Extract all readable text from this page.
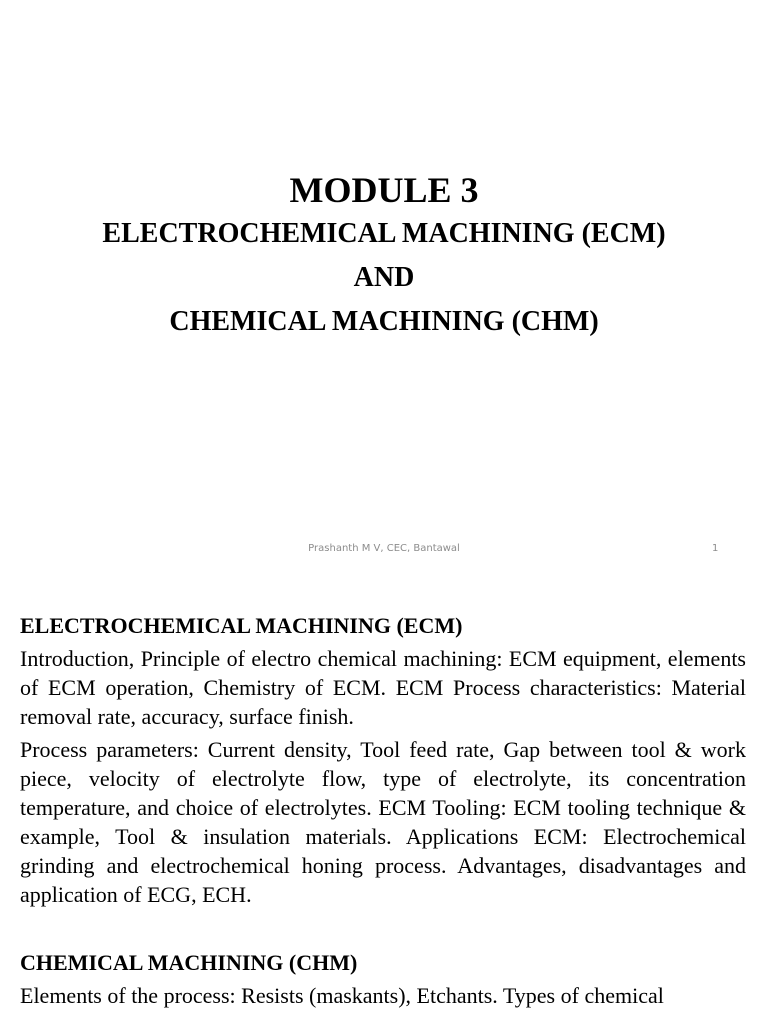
MODULE 3
ELECTROCHEMICAL MACHINING (ECM)
AND
CHEMICAL MACHINING (CHM)
Prashanth M V, CEC, Bantawal	1
ELECTROCHEMICAL MACHINING (ECM)
Introduction, Principle of electro chemical machining: ECM equipment, elements of ECM operation, Chemistry of ECM. ECM Process characteristics: Material removal rate, accuracy, surface finish.
Process parameters: Current density, Tool feed rate, Gap between tool & work piece, velocity of electrolyte flow, type of electrolyte, its concentration temperature, and choice of electrolytes. ECM Tooling: ECM tooling technique & example, Tool & insulation materials. Applications ECM: Electrochemical grinding and electrochemical honing process. Advantages, disadvantages and application of ECG, ECH.
CHEMICAL MACHINING (CHM)
Elements of the process: Resists (maskants), Etchants. Types of chemical
